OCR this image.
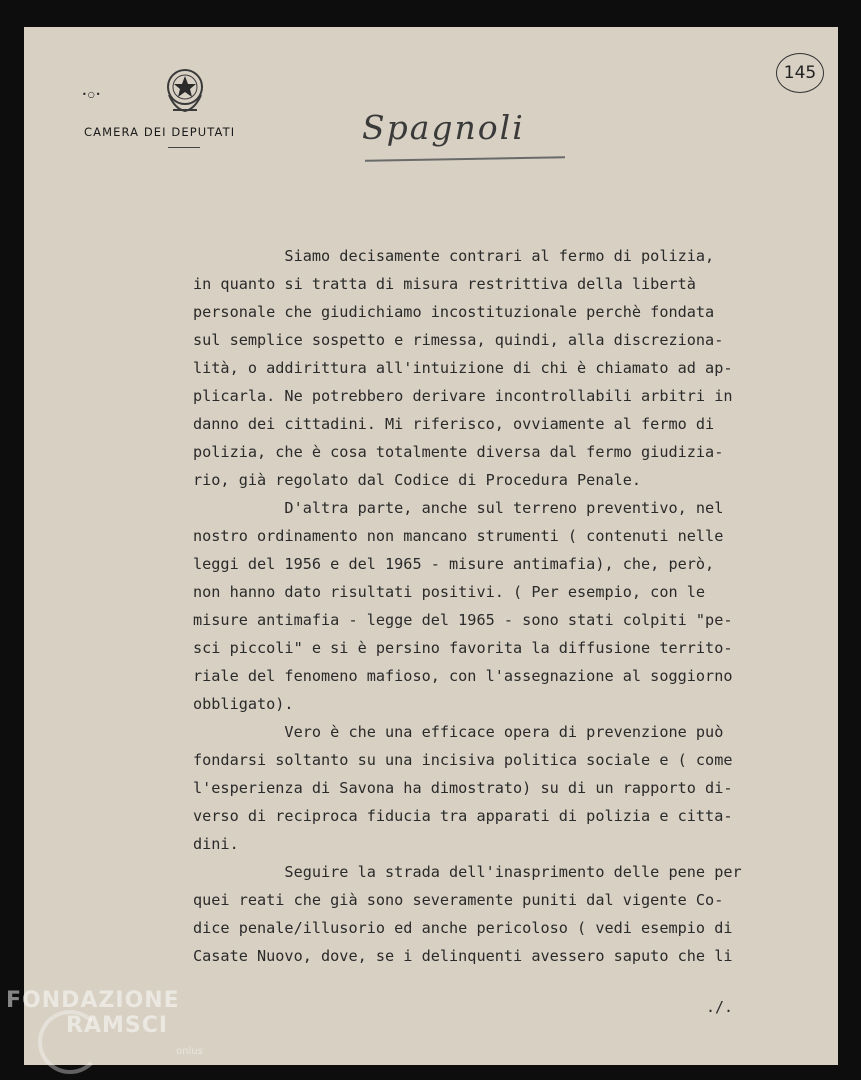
•○•
CAMERA DEI DEPUTATI
145
Spagnoli
Siamo decisamente contrari al fermo di polizia,
in quanto si tratta di misura restrittiva della libertà
personale che giudichiamo incostituzionale perchè fondata
sul semplice sospetto e rimessa, quindi, alla discreziona-
lità, o addirittura all'intuizione di chi è chiamato ad ap-
plicarla. Ne potrebbero derivare incontrollabili arbitri in
danno dei cittadini. Mi riferisco, ovviamente al fermo di
polizia, che è cosa totalmente diversa dal fermo giudizia-
rio, già regolato dal Codice di Procedura Penale.
D'altra parte, anche sul terreno preventivo, nel
nostro ordinamento non mancano strumenti ( contenuti nelle
leggi del 1956 e del 1965 - misure antimafia), che, però,
non hanno dato risultati positivi. ( Per esempio, con le
misure antimafia - legge del 1965 - sono stati colpiti "pe-
sci piccoli" e si è persino favorita la diffusione territo-
riale del fenomeno mafioso, con l'assegnazione al soggiorno
obbligato).
Vero è che una efficace opera di prevenzione può
fondarsi soltanto su una incisiva politica sociale e ( come
l'esperienza di Savona ha dimostrato) su di un rapporto di-
verso di reciproca fiducia tra apparati di polizia e citta-
dini.
Seguire la strada dell'inasprimento delle pene per
quei reati che già sono severamente puniti dal vigente Co-
dice penale/illusorio ed anche pericoloso ( vedi esempio di
Casate Nuovo, dove, se i delinquenti avessero saputo che li
./.
FONDAZIONE
RAMSCI
onlus
